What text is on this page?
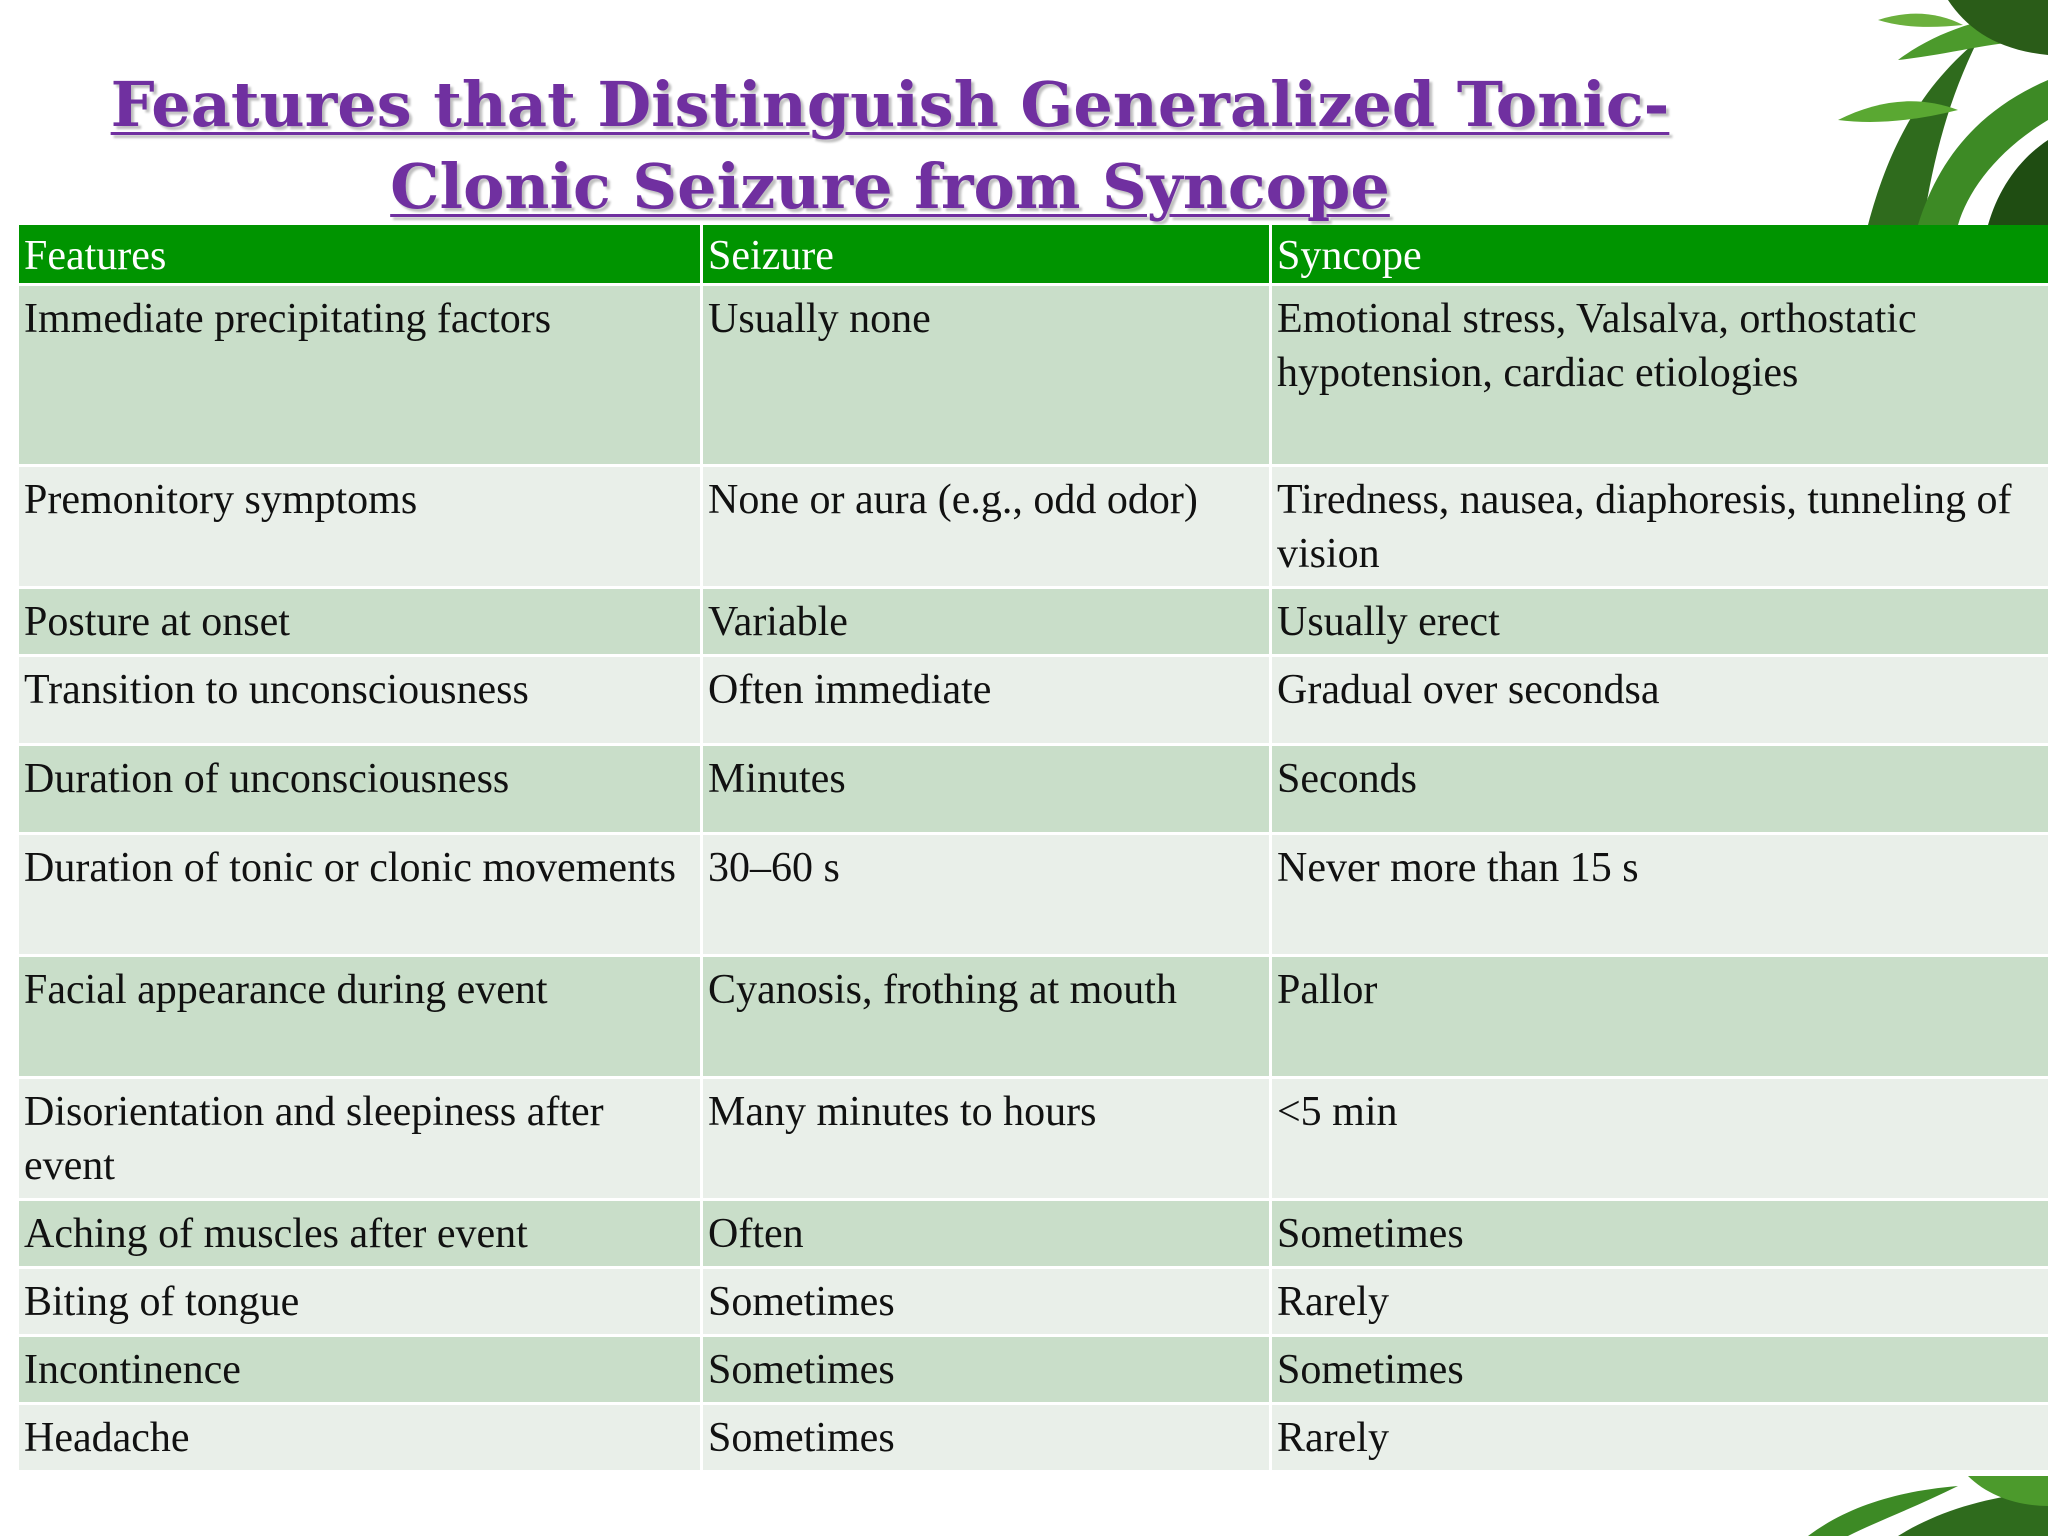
Features that Distinguish Generalized Tonic-
Clonic Seizure from Syncope
Features	Seizure	Syncope
Immediate precipitating factors	Usually none	Emotional stress, Valsalva, orthostatic hypotension, cardiac etiologies
Premonitory symptoms	None or aura (e.g., odd odor)	Tiredness, nausea, diaphoresis, tunneling of vision
Posture at onset	Variable	Usually erect
Transition to unconsciousness	Often immediate	Gradual over secondsa
Duration of unconsciousness	Minutes	Seconds
Duration of tonic or clonic movements	30–60 s	Never more than 15 s
Facial appearance during event	Cyanosis, frothing at mouth	Pallor
Disorientation and sleepiness after event	Many minutes to hours	<5 min
Aching of muscles after event	Often	Sometimes
Biting of tongue	Sometimes	Rarely
Incontinence	Sometimes	Sometimes
Headache	Sometimes	Rarely
